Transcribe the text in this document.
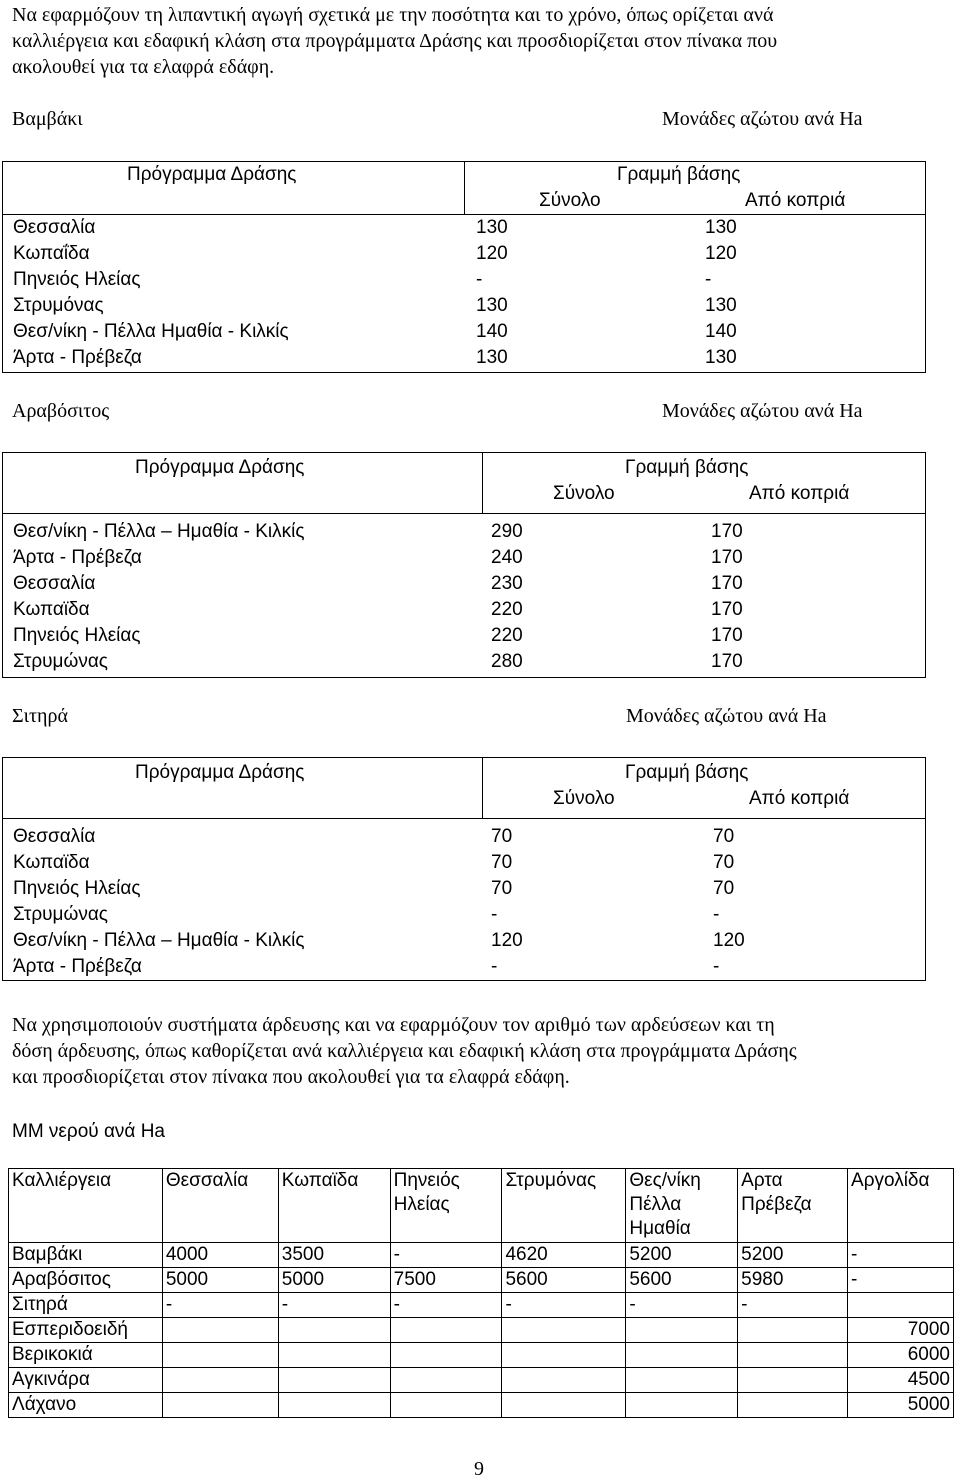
Να εφαρμόζουν τη λιπαντική αγωγή σχετικά με την ποσότητα και το χρόνο, όπως ορίζεται ανά
καλλιέργεια και εδαφική κλάση στα προγράμματα Δράσης και προσδιορίζεται στον πίνακα που
ακολουθεί για τα ελαφρά εδάφη.
Βαμβάκι	Μονάδες αζώτου ανά Ha
Πρόγραμμα Δράσης	Γραμμή βάσης
Σύνολο	Από κοπριά
Θεσσαλία	130	130
Κωπαΐδα	120	120
Πηνειός Ηλείας	-	-
Στρυμόνας	130	130
Θεσ/νίκη - Πέλλα Ημαθία - Κιλκίς	140	140
Άρτα - Πρέβεζα	130	130
Αραβόσιτος	Μονάδες αζώτου ανά Ha
Πρόγραμμα Δράσης	Γραμμή βάσης
Σύνολο	Από κοπριά
Θεσ/νίκη - Πέλλα – Ημαθία - Κιλκίς	290	170
Άρτα - Πρέβεζα	240	170
Θεσσαλία	230	170
Κωπαϊδα	220	170
Πηνειός Ηλείας	220	170
Στρυμώνας	280	170
Σιτηρά	Μονάδες αζώτου ανά Ha
Πρόγραμμα Δράσης	Γραμμή βάσης
Σύνολο	Από κοπριά
Θεσσαλία	70	70
Κωπαϊδα	70	70
Πηνειός Ηλείας	70	70
Στρυμώνας	-	-
Θεσ/νίκη - Πέλλα – Ημαθία - Κιλκίς	120	120
Άρτα - Πρέβεζα	-	-
Να χρησιμοποιούν συστήματα άρδευσης και να εφαρμόζουν τον αριθμό των αρδεύσεων και τη
δόση άρδευσης, όπως καθορίζεται ανά καλλιέργεια και εδαφική κλάση στα προγράμματα Δράσης
και προσδιορίζεται στον πίνακα που ακολουθεί για τα ελαφρά εδάφη.
ΜΜ νερού ανά Ha
Καλλιέργεια	Θεσσαλία	Κωπαϊδα	Πηνειός Ηλείας	Στρυμόνας	Θες/νίκη Πέλλα Ημαθία	Αρτα Πρέβεζα	Αργολίδα
Βαμβάκι	4000	3500	-	4620	5200	5200	-
Αραβόσιτος	5000	5000	7500	5600	5600	5980	-
Σιτηρά	-	-	-	-	-	-	
Εσπεριδοειδή							7000
Βερικοκιά							6000
Αγκινάρα							4500
Λάχανο							5000
9
